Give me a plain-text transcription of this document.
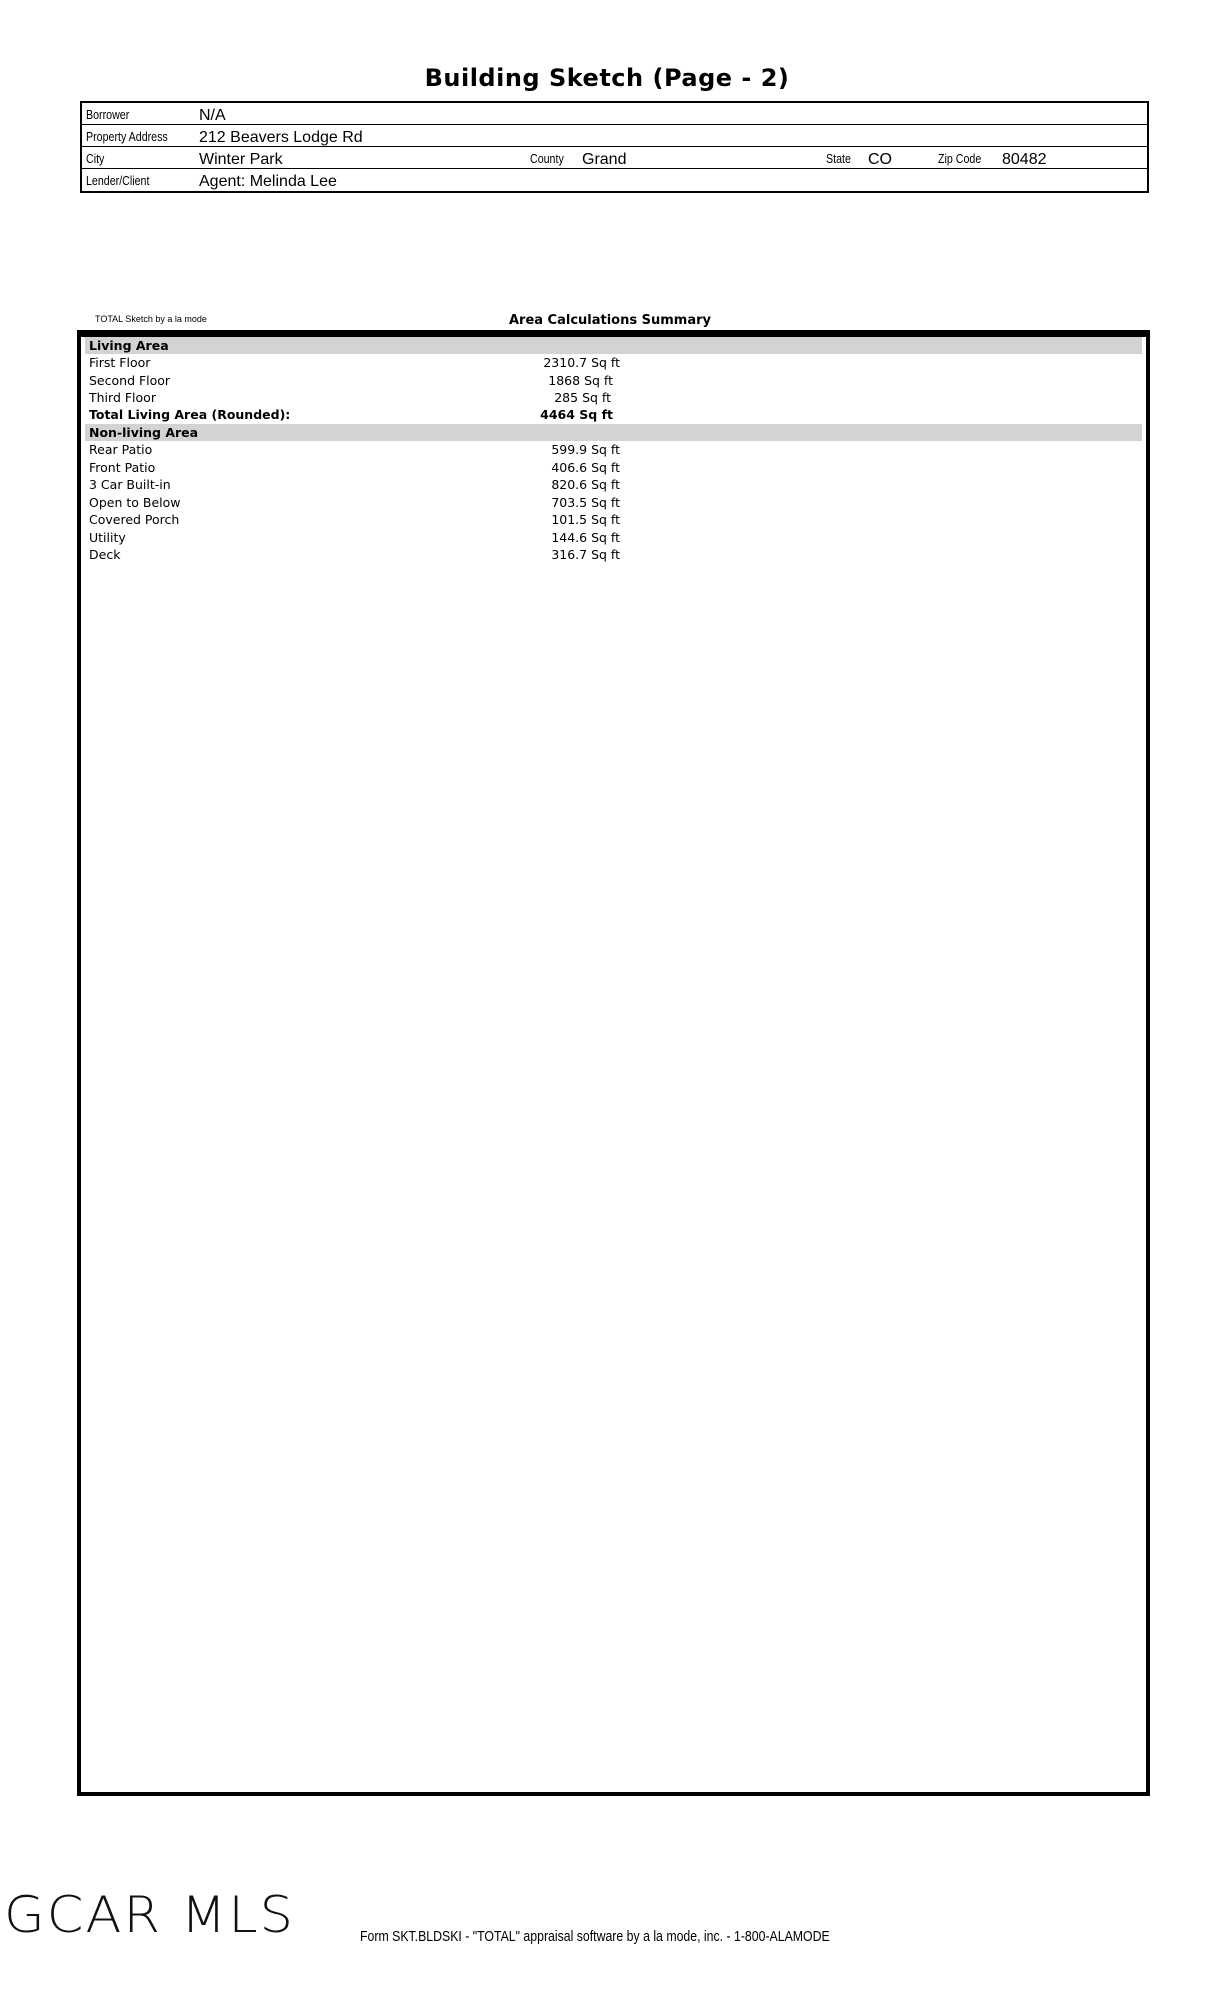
Building Sketch (Page - 2)
Borrower	N/A
Property Address 212 Beavers Lodge Rd
City	Winter Park	County Grand	State CO	Zip Code 80482
Lender/Client	Agent: Melinda Lee
TOTAL Sketch by a la mode	Area Calculations Summary
Living Area
First Floor	2310.7 Sq ft
Second Floor	1868 Sq ft
Third Floor	285 Sq ft
Total Living Area (Rounded):	4464 Sq ft
Non-living Area
Rear Patio	599.9 Sq ft
Front Patio	406.6 Sq ft
3 Car Built-in	820.6 Sq ft
Open to Below	703.5 Sq ft
Covered Porch	101.5 Sq ft
Utility	144.6 Sq ft
Deck	316.7 Sq ft
GCAR MLS	Form SKT.BLDSKI - "TOTAL" appraisal software by a la mode, inc. - 1-800-ALAMODE
